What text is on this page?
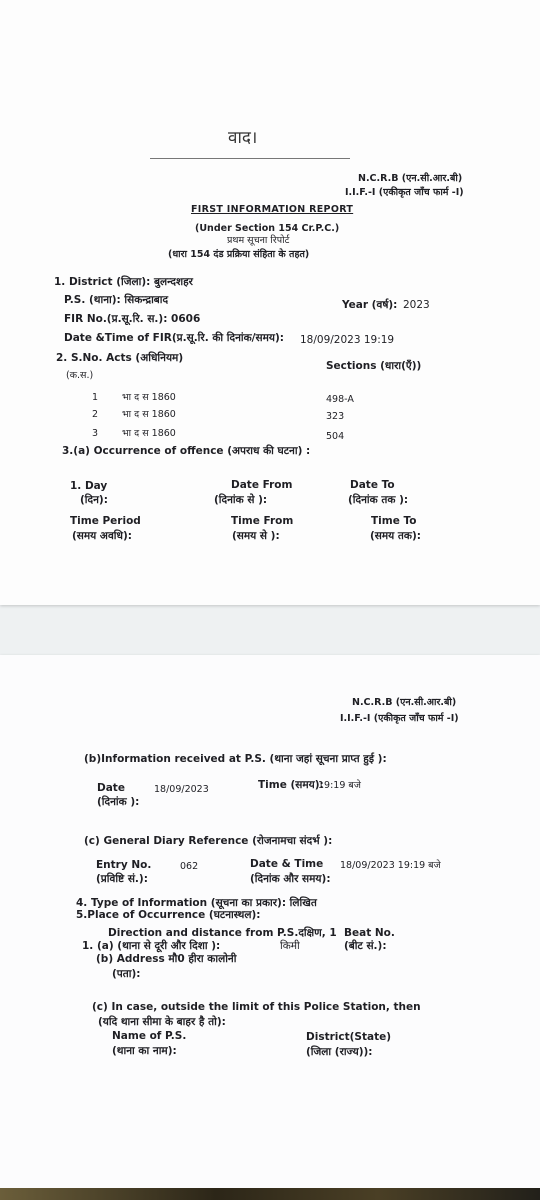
वाद।
N.C.R.B (एन.सी.आर.बी)
I.I.F.-I (एकीकृत जाँच फार्म -I)
FIRST INFORMATION REPORT
(Under Section 154 Cr.P.C.)
प्रथम सूचना रिपोर्ट
(धारा 154 दंड प्रक्रिया संहिता के तहत)
1. District (जिला): बुलन्दशहर
P.S. (थाना): सिकन्द्राबाद	Year (वर्ष): 2023
FIR No.(प्र.सू.रि. स.): 0606
Date &Time of FIR(प्र.सू.रि. की दिनांक/समय): 18/09/2023 19:19
2. S.No. Acts (अधिनियम)
(क.स.)
Sections (धारा(एँ))
1	भा द स 1860	498-A
2	भा द स 1860	323
3	भा द स 1860	504
3.(a) Occurrence of offence (अपराध की घटना) :
1. Day
(दिन):
Date From
(दिनांक से ):
Date To
(दिनांक तक ):
Time Period
(समय अवधि):
Time From
(समय से ):
Time To
(समय तक):
N.C.R.B (एन.सी.आर.बी)
I.I.F.-I (एकीकृत जाँच फार्म -I)
(b)Information received at P.S. (थाना जहां सूचना प्राप्त हुई ):
Date	18/09/2023
(दिनांक ):
Time (समय):
19:19 बजे
(c) General Diary Reference (रोजनामचा संदर्भ ):
Entry No.	062
(प्रविष्टि सं.):
Date & Time
(दिनांक और समय):
18/09/2023 19:19 बजे
4. Type of Information (सूचना का प्रकार): लिखित
5.Place of Occurrence (घटनास्थल):
Direction and distance from P.S.दक्षिण, 1 Beat No.
1. (a) (थाना से दूरी और दिशा ):	किमी	(बीट सं.):
(b) Address मौ0 हीरा कालोनी
(पता):
(c) In case, outside the limit of this Police Station, then
(यदि थाना सीमा के बाहर है तो):
Name of P.S.
(थाना का नाम):
District(State)
(जिला (राज्य)):
